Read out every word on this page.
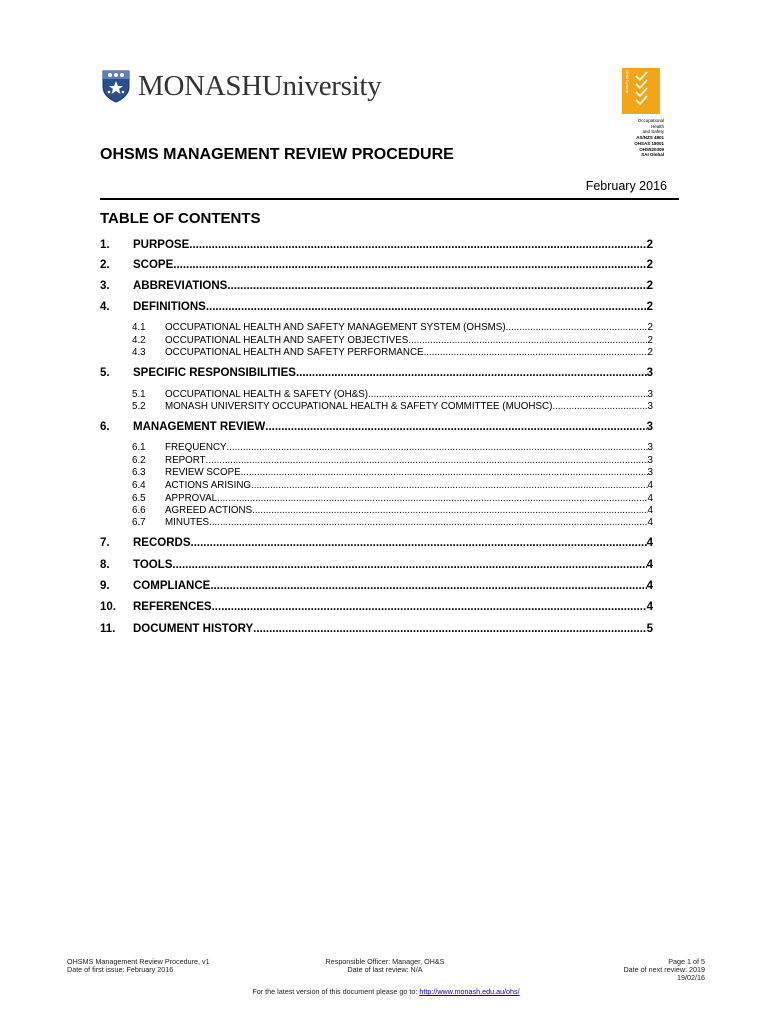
MONASHUniversity	OHS System
Occupational
Health
and Safety
AS/NZS 4801
OHSAS 18001
OHS520309
SAI Global
OHSMS MANAGEMENT REVIEW PROCEDURE
February 2016
TABLE OF CONTENTS
1.	PURPOSE .....	2
2.	SCOPE .....	2
3.	ABBREVIATIONS .....	2
4.	DEFINITIONS .....	2
4.1	OCCUPATIONAL HEALTH AND SAFETY MANAGEMENT SYSTEM (OHSMS) .....	2
4.2	OCCUPATIONAL HEALTH AND SAFETY OBJECTIVES .....	2
4.3	OCCUPATIONAL HEALTH AND SAFETY PERFORMANCE .....	2
5.	SPECIFIC RESPONSIBILITIES .....	3
5.1	OCCUPATIONAL HEALTH & SAFETY (OH&S) .....	3
5.2	MONASH UNIVERSITY OCCUPATIONAL HEALTH & SAFETY COMMITTEE (MUOHSC) .....	3
6.	MANAGEMENT REVIEW .....	3
6.1	FREQUENCY .....	3
6.2	REPORT .....	3
6.3	REVIEW SCOPE .....	3
6.4	ACTIONS ARISING .....	4
6.5	APPROVAL .....	4
6.6	AGREED ACTIONS .....	4
6.7	MINUTES .....	4
7.	RECORDS .....	4
8.	TOOLS .....	4
9.	COMPLIANCE .....	4
10.	REFERENCES .....	4
11.	DOCUMENT HISTORY .....	5
OHSMS Management Review Procedure, v1
Date of first issue: February 2016
Responsible Officer: Manager, OH&S
Date of last review: N/A
Page 1 of 5
Date of next review: 2019
19/02/16
For the latest version of this document please go to: http://www.monash.edu.au/ohs/
